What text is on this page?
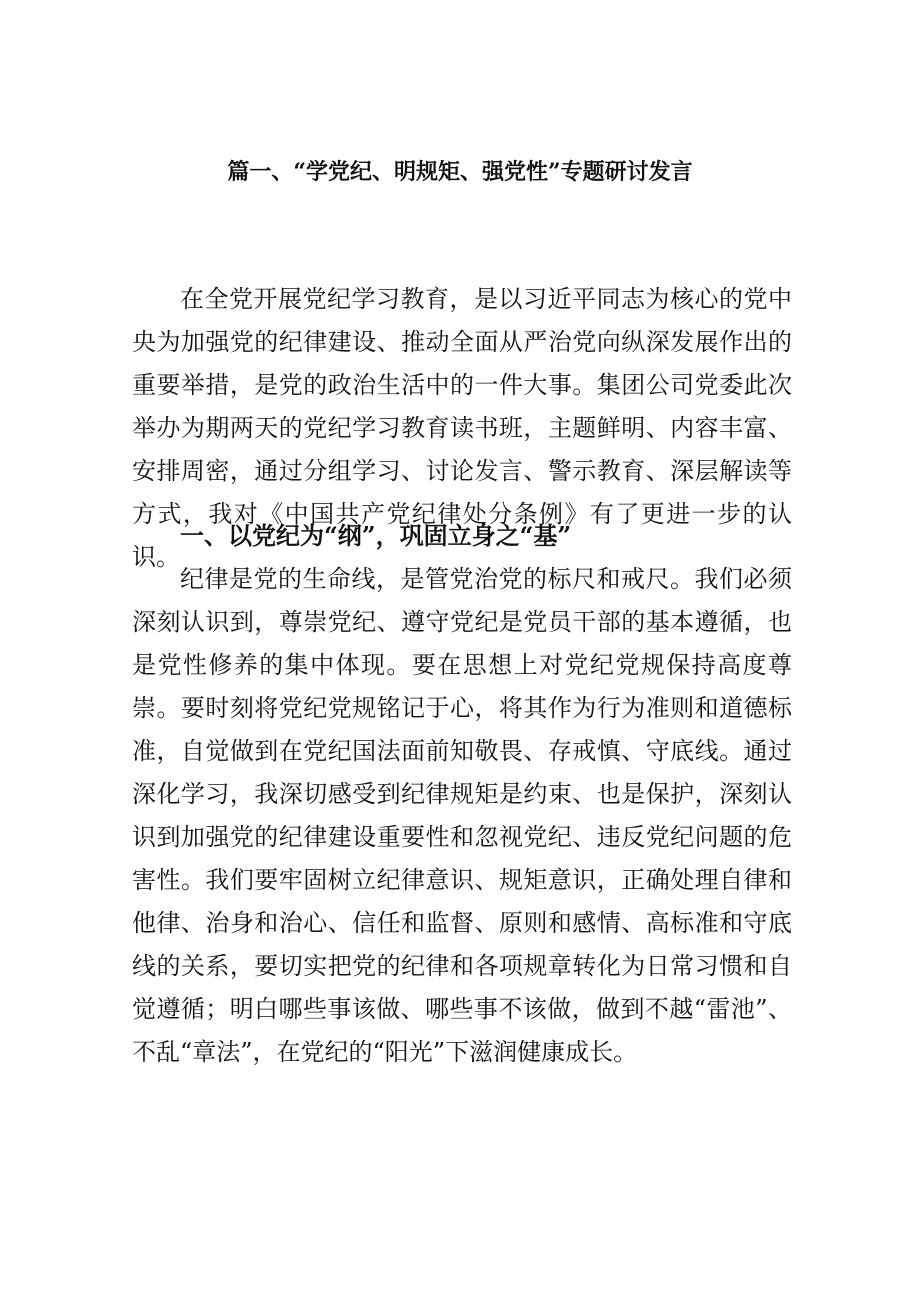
篇一、“学党纪、明规矩、强党性”专题研讨发言

在全党开展党纪学习教育，是以习近平同志为核心的党中央为加强党的纪律建设、推动全面从严治党向纵深发展作出的重要举措，是党的政治生活中的一件大事。集团公司党委此次举办为期两天的党纪学习教育读书班，主题鲜明、内容丰富、安排周密，通过分组学习、讨论发言、警示教育、深层解读等方式，我对《中国共产党纪律处分条例》有了更进一步的认识。

一、以党纪为“纲”，巩固立身之“基”

纪律是党的生命线，是管党治党的标尺和戒尺。我们必须深刻认识到，尊崇党纪、遵守党纪是党员干部的基本遵循，也是党性修养的集中体现。要在思想上对党纪党规保持高度尊崇。要时刻将党纪党规铭记于心，将其作为行为准则和道德标准，自觉做到在党纪国法面前知敬畏、存戒慎、守底线。通过深化学习，我深切感受到纪律规矩是约束、也是保护，深刻认识到加强党的纪律建设重要性和忽视党纪、违反党纪问题的危害性。我们要牢固树立纪律意识、规矩意识，正确处理自律和他律、治身和治心、信任和监督、原则和感情、高标准和守底线的关系，要切实把党的纪律和各项规章转化为日常习惯和自觉遵循；明白哪些事该做、哪些事不该做，做到不越“雷池”、不乱“章法”，在党纪的“阳光”下滋润健康成长。
